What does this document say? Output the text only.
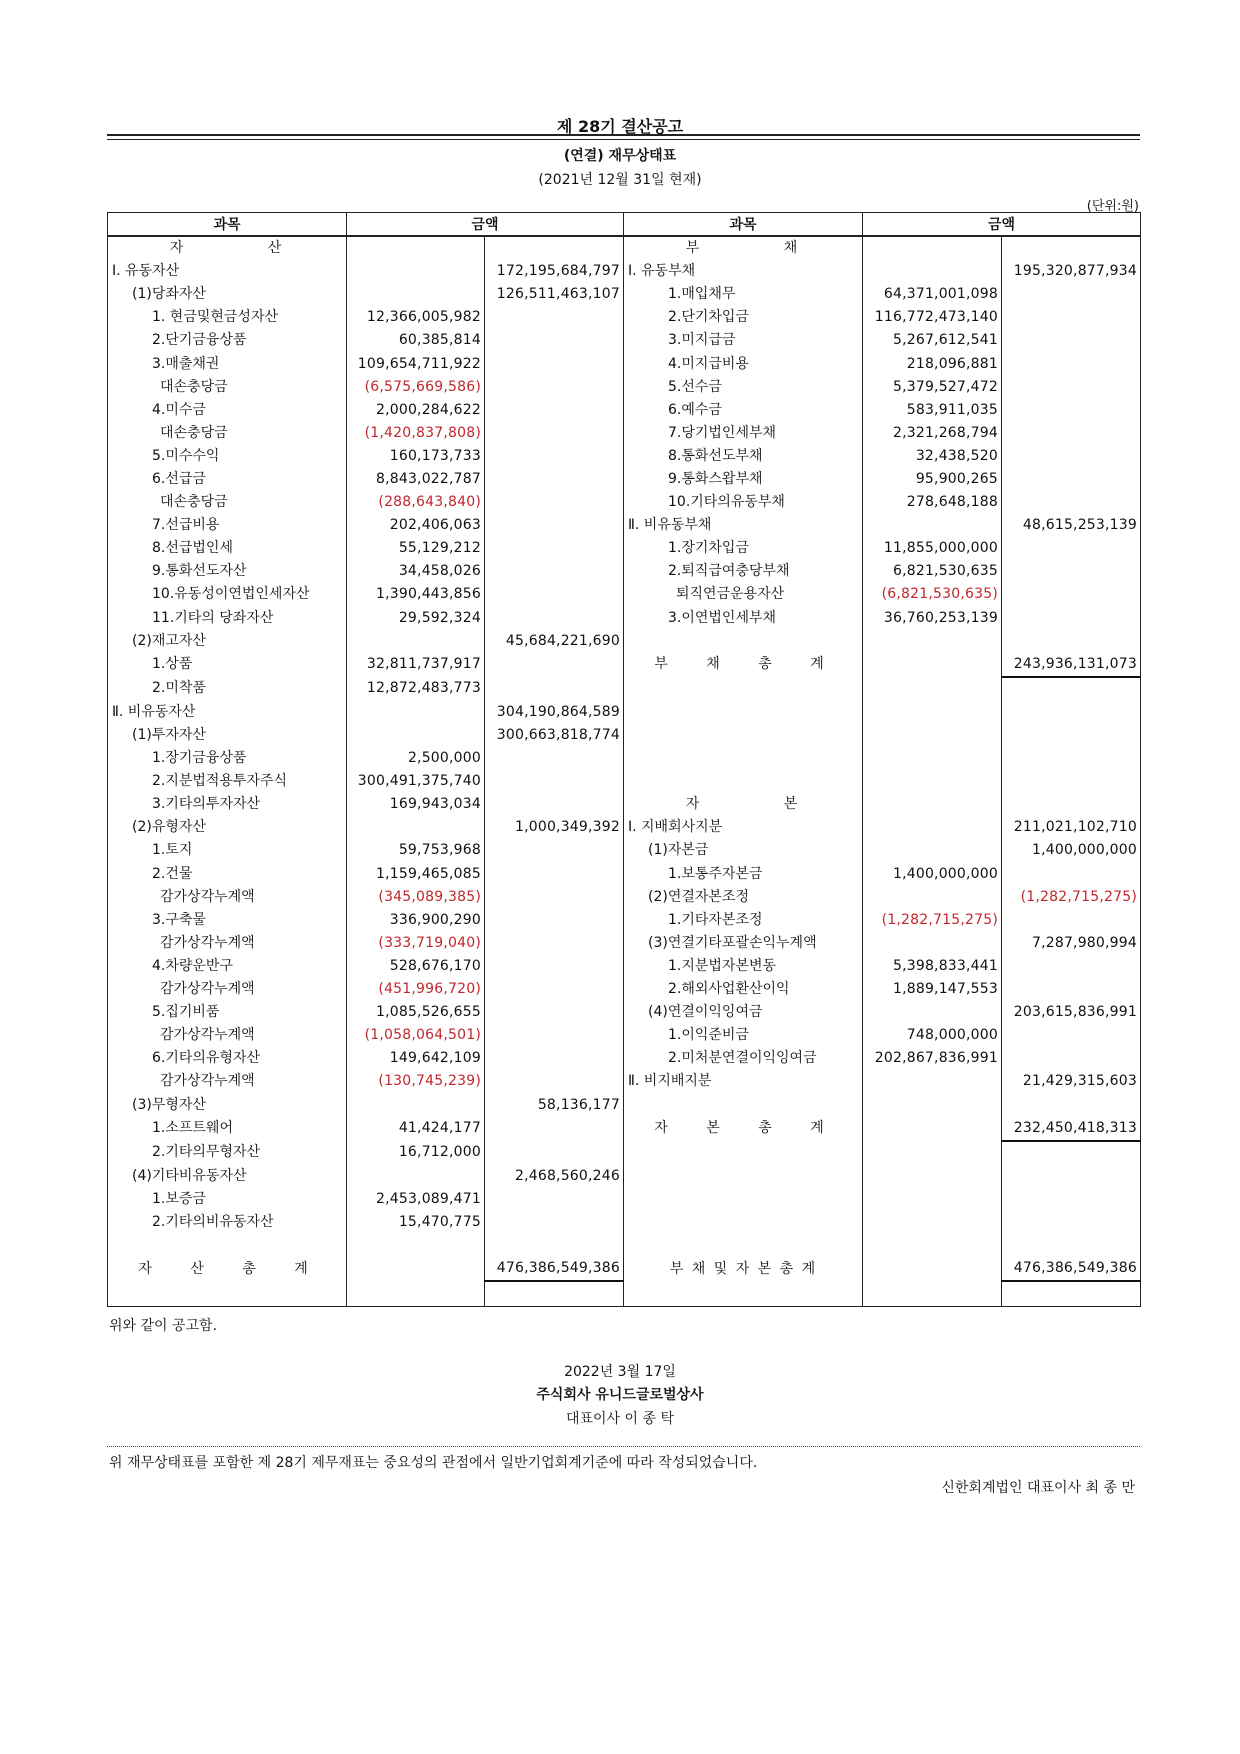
제 28기 결산공고
(연결) 재무상태표
(2021년 12월 31일 현재)
(단위:원)
과목	금액		과목	금액	
자 산			부 채		
Ⅰ. 유동자산		172,195,684,797	Ⅰ. 유동부채		195,320,877,934
(1)당좌자산		126,511,463,107	1.매입채무	64,371,001,098	
1. 현금및현금성자산	12,366,005,982		2.단기차입금	116,772,473,140	
2.단기금융상품	60,385,814		3.미지급금	5,267,612,541	
3.매출채권	109,654,711,922		4.미지급비용	218,096,881	
대손충당금	(6,575,669,586)		5.선수금	5,379,527,472	
4.미수금	2,000,284,622		6.예수금	583,911,035	
대손충당금	(1,420,837,808)		7.당기법인세부채	2,321,268,794	
5.미수수익	160,173,733		8.통화선도부채	32,438,520	
6.선급금	8,843,022,787		9.통화스왑부채	95,900,265	
대손충당금	(288,643,840)		10.기타의유동부채	278,648,188	
7.선급비용	202,406,063		Ⅱ. 비유동부채		48,615,253,139
8.선급법인세	55,129,212		1.장기차입금	11,855,000,000	
9.통화선도자산	34,458,026		2.퇴직급여충당부채	6,821,530,635	
10.유동성이연법인세자산	1,390,443,856		퇴직연금운용자산	(6,821,530,635)	
11.기타의 당좌자산	29,592,324		3.이연법인세부채	36,760,253,139	
(2)재고자산		45,684,221,690			
1.상품	32,811,737,917		부 채 총 계		243,936,131,073
2.미착품	12,872,483,773				
Ⅱ. 비유동자산		304,190,864,589			
(1)투자자산		300,663,818,774			
1.장기금융상품	2,500,000				
2.지분법적용투자주식	300,491,375,740				
3.기타의투자자산	169,943,034		자 본		
(2)유형자산		1,000,349,392	Ⅰ. 지배회사지분		211,021,102,710
1.토지	59,753,968		(1)자본금		1,400,000,000
2.건물	1,159,465,085		1.보통주자본금	1,400,000,000	
감가상각누계액	(345,089,385)		(2)연결자본조정		(1,282,715,275)
3.구축물	336,900,290		1.기타자본조정	(1,282,715,275)	
감가상각누계액	(333,719,040)		(3)연결기타포괄손익누계액		7,287,980,994
4.차량운반구	528,676,170		1.지분법자본변동	5,398,833,441	
감가상각누계액	(451,996,720)		2.해외사업환산이익	1,889,147,553	
5.집기비품	1,085,526,655		(4)연결이익잉여금		203,615,836,991
감가상각누계액	(1,058,064,501)		1.이익준비금	748,000,000	
6.기타의유형자산	149,642,109		2.미처분연결이익잉여금	202,867,836,991	
감가상각누계액	(130,745,239)		Ⅱ. 비지배지분		21,429,315,603
(3)무형자산		58,136,177			
1.소프트웨어	41,424,177		자 본 총 계		232,450,418,313
2.기타의무형자산	16,712,000				
(4)기타비유동자산		2,468,560,246			
1.보증금	2,453,089,471				
2.기타의비유동자산	15,470,775				

자 산 총 계		476,386,549,386	부 채 및 자 본 총 계		476,386,549,386

위와 같이 공고함.
2022년 3월 17일
주식회사 유니드글로벌상사
대표이사 이 종 탁
위 재무상태표를 포함한 제 28기 제무재표는 중요성의 관점에서 일반기업회계기준에 따라 작성되었습니다.
신한회계법인 대표이사 최 종 만
